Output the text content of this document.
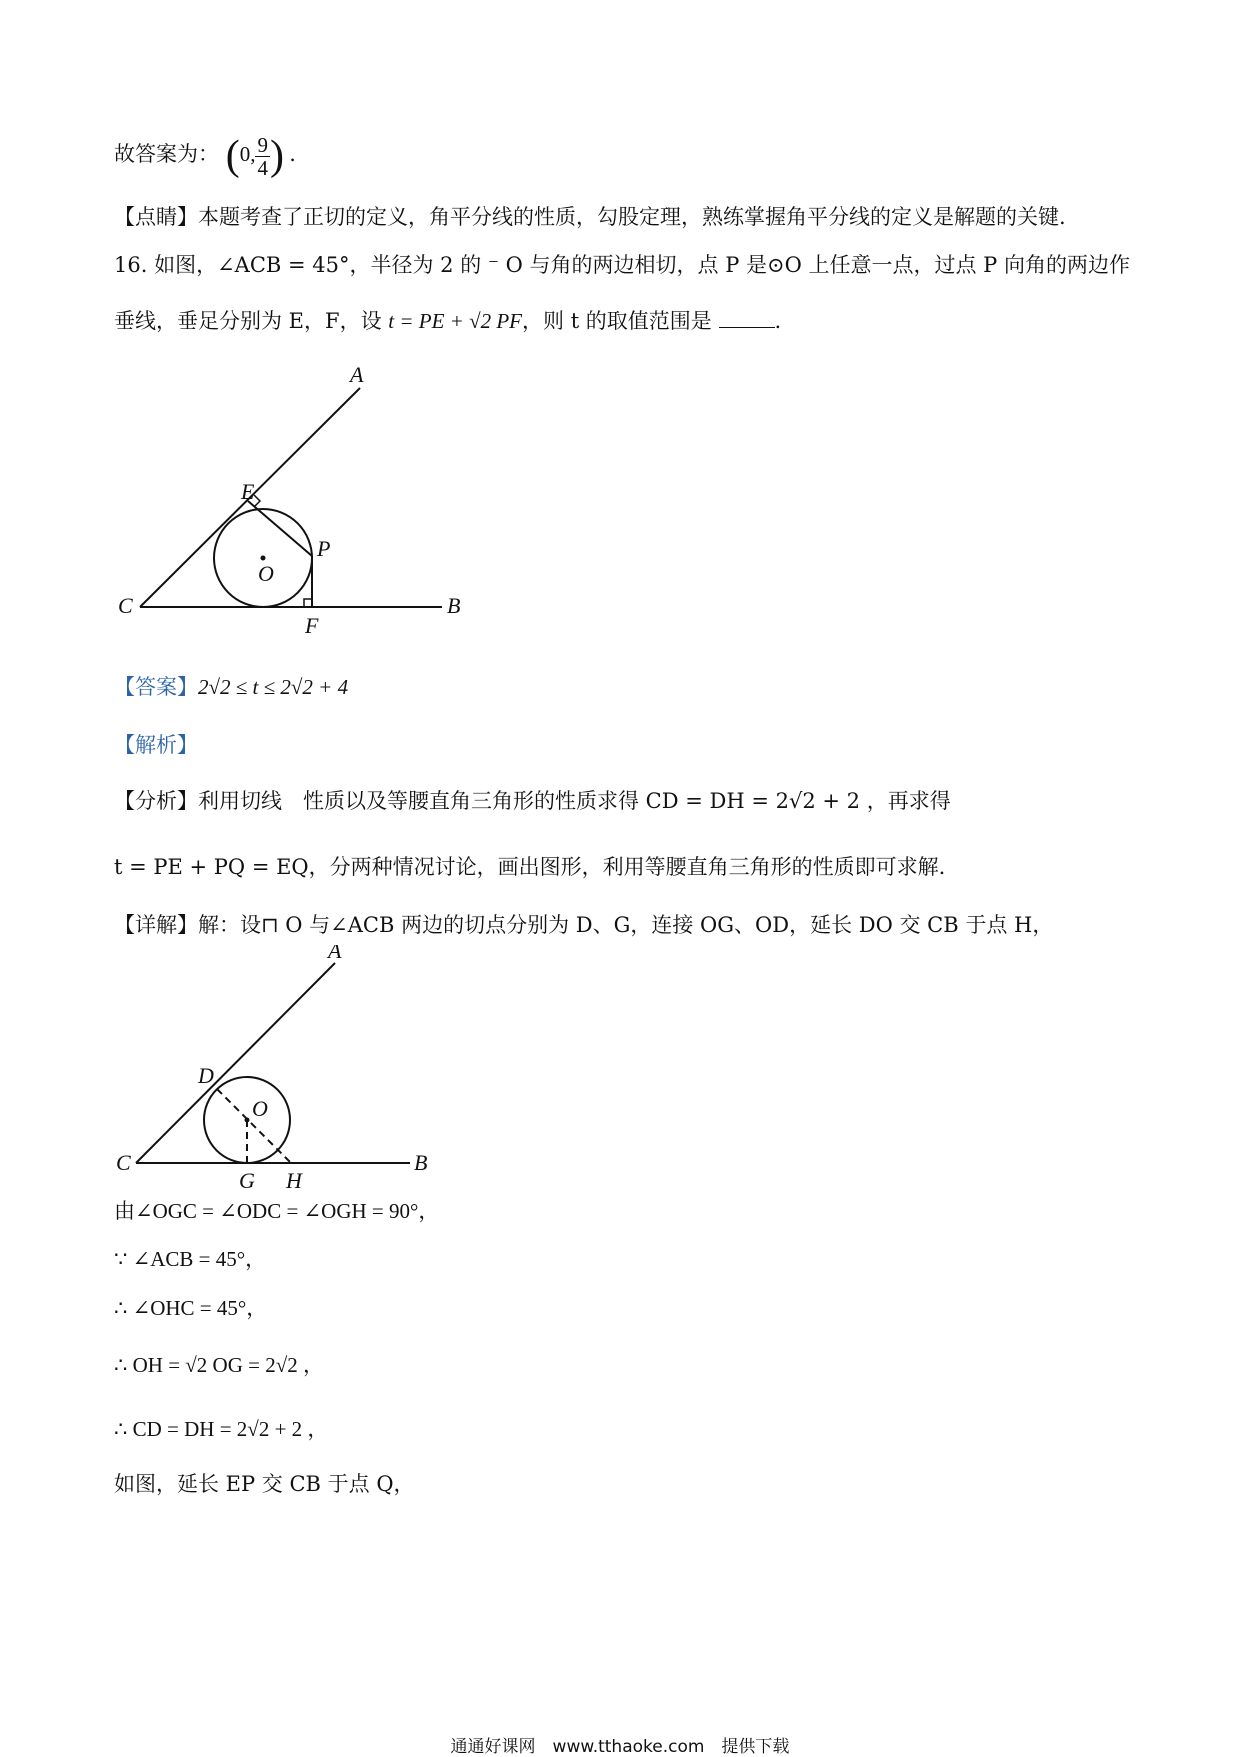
故答案为： (0, $\frac{9}{4}$ ) .
【点睛】本题考查了正切的定义，角平分线的性质，勾股定理，熟练掌握角平分线的定义是解题的关键.
16. 如图，∠ACB = 45°，半径为 2 的 ⁻ O 与角的两边相切，点 P 是⊙O 上任意一点，过点 P 向角的两边作
垂线，垂足分别为 E，F，设 t = PE + √2 PF，则 t 的取值范围是	.
A
E
P
O
C
F
B
【答案】2√2 ≤ t ≤ 2√2 + 4
【解析】
【分析】利用切线　性质以及等腰直角三角形的性质求得 CD = DH = 2√2 + 2 ，再求得
t = PE + PQ = EQ，分两种情况讨论，画出图形，利用等腰直角三角形的性质即可求解.
【详解】解：设⊓ O 与∠ACB 两边的切点分别为 D、G，连接 OG、OD，延长 DO 交 CB 于点 H，
A
D
O
C
G H
B
由∠OGC = ∠ODC = ∠OGH = 90°，
∵ ∠ACB = 45°，
∴ ∠OHC = 45°，
∴ OH = √2 OG = 2√2 ，
∴ CD = DH = 2√2 + 2 ，
如图，延长 EP 交 CB 于点 Q，
通通好课网　www.tthaoke.com　提供下载
